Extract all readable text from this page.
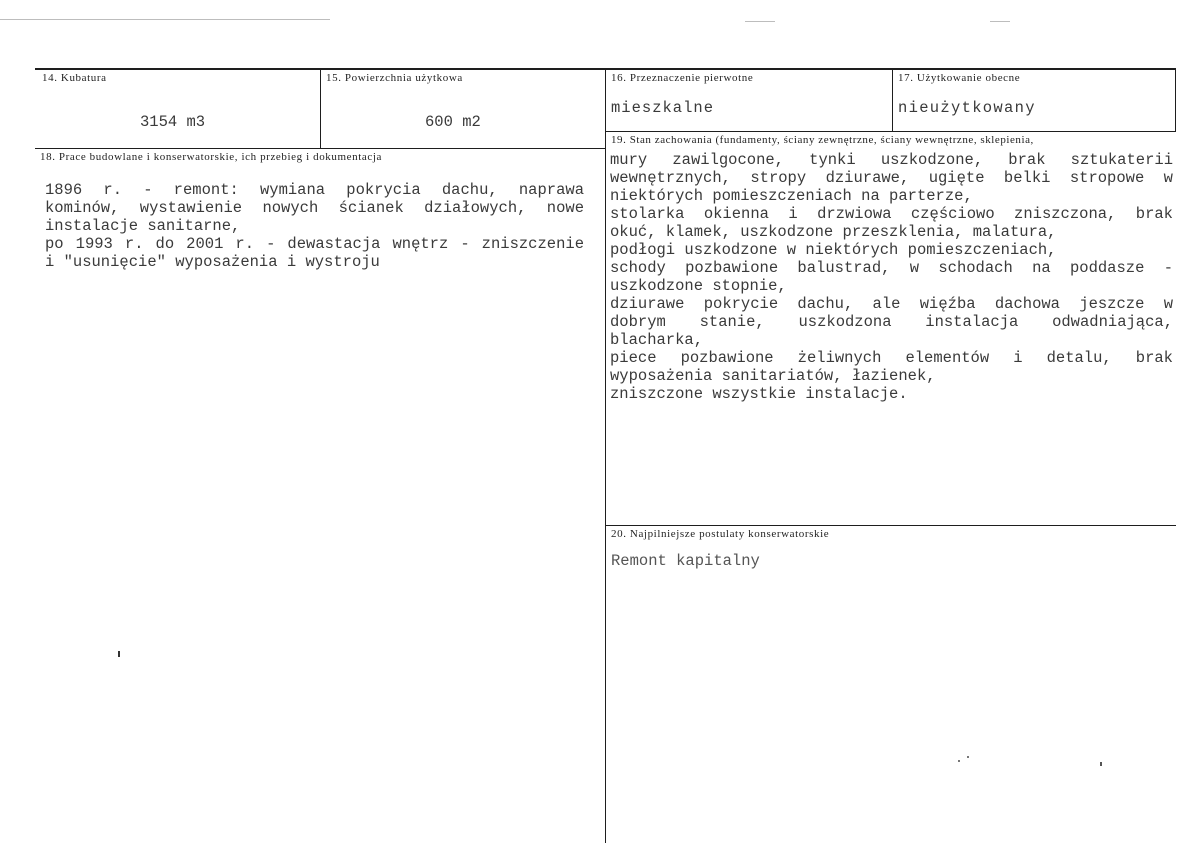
14. Kubatura
3154 m3
15. Powierzchnia użytkowa
600 m2
16. Przeznaczenie pierwotne
mieszkalne
17. Użytkowanie obecne
nieużytkowany
18. Prace budowlane i konserwatorskie, ich przebieg i dokumentacja
1896 r. - remont: wymiana pokrycia dachu, naprawa
kominów, wystawienie nowych ścianek działowych, nowe
instalacje sanitarne,
po 1993 r. do 2001 r. - dewastacja wnętrz - zniszczenie
i "usunięcie" wyposażenia i wystroju
19. Stan zachowania (fundamenty, ściany zewnętrzne, ściany wewnętrzne, sklepienia,
mury zawilgocone, tynki uszkodzone, brak sztukaterii
wewnętrznych, stropy dziurawe, ugięte belki stropowe w
niektórych pomieszczeniach na parterze,
stolarka okienna i drzwiowa częściowo zniszczona, brak
okuć, klamek, uszkodzone przeszklenia, malatura,
podłogi uszkodzone w niektórych pomieszczeniach,
schody pozbawione balustrad, w schodach na poddasze -
uszkodzone stopnie,
dziurawe pokrycie dachu, ale więźba dachowa jeszcze w
dobrym stanie, uszkodzona instalacja odwadniająca,
blacharka,
piece pozbawione żeliwnych elementów i detalu, brak
wyposażenia sanitariatów, łazienek,
zniszczone wszystkie instalacje.
20. Najpilniejsze postulaty konserwatorskie
Remont kapitalny
